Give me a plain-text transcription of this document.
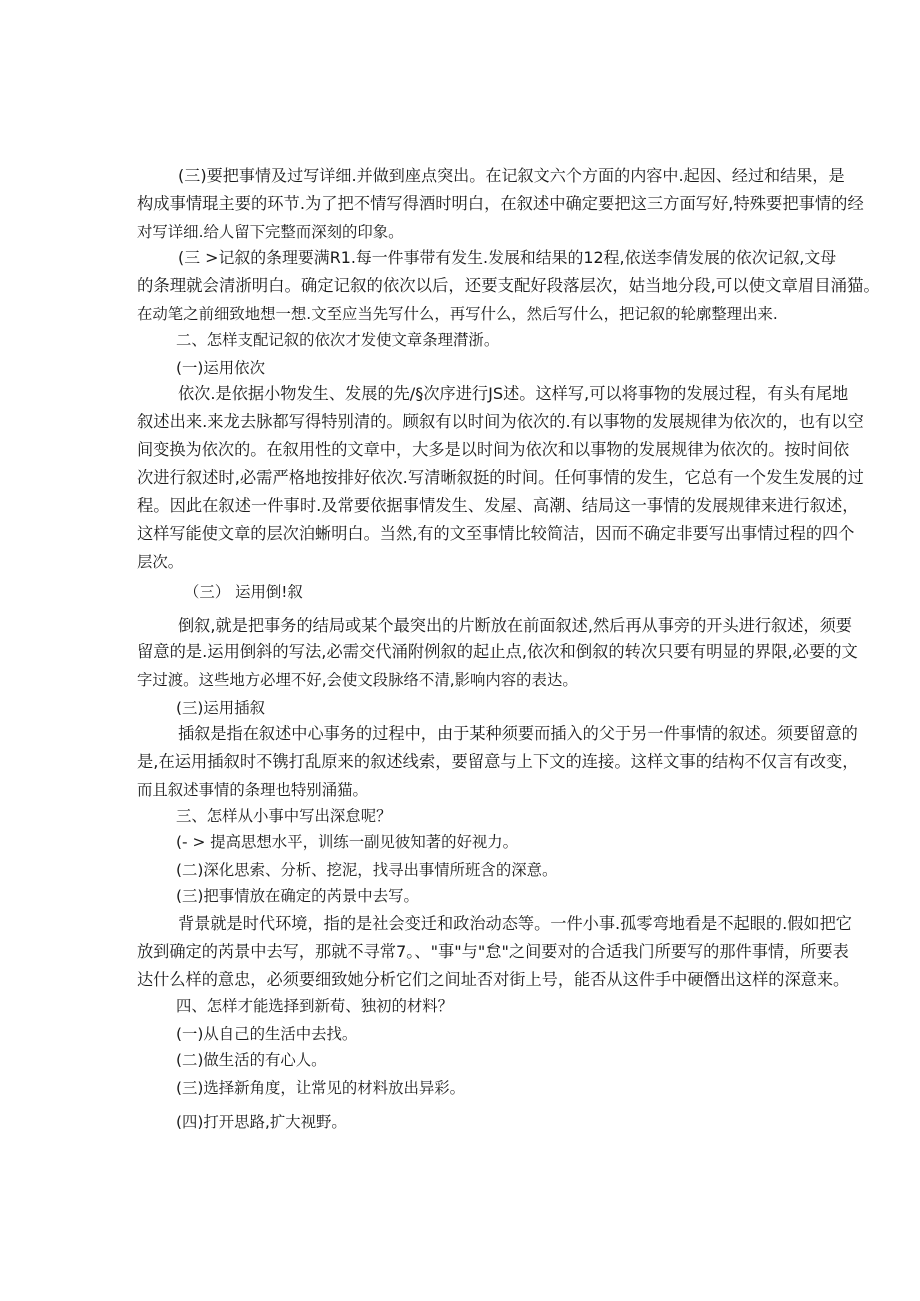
(三)要把事情及过写详细.并做到座点突出。在记叙文六个方面的内容中.起因、经过和结果，是
构成事情琨主要的环节.为了把不情写得酒时明白，在叙述中确定要把这三方面写好,特殊要把事情的经
对写详细.给人留下完整而深刻的印象。
(三 >记叙的条理要满R1.每一件事带有发生.发展和结果的12程,依送李倩发展的依次记叙,文母
的条理就会清浙明白。确定记叙的依次以后，还要支配好段落层次，姑当地分段,可以使文章眉目涌猫。
在动笔之前细致地想一想.文至应当先写什么，再写什么，然后写什么，把记叙的轮廓整理出来.
二、怎样支配记叙的依次才发使文章条理潸浙。
(一)运用依次
依次.是依据小物发生、发展的先/§次序进行JS述。这样写,可以将事物的发展过程，有头有尾地
叙述出来.来龙去脉都写得特别清的。顾叙有以时间为依次的.有以事物的发展规律为依次的，也有以空
间变换为依次的。在叙用性的文章中，大多是以时间为依次和以事物的发展规律为依次的。按时间依
次进行叙述时,必需严格地按排好依次.写清晰叙挺的时间。任何事情的发生，它总有一个发生发展的过
程。因此在叙述一件事时.及常要依据事情发生、发屋、高潮、结局这一事情的发展规律来进行叙述，
这样写能使文章的层次泊蜥明白。当然,有的文至事情比较简洁，因而不确定非要写出事情过程的四个
层次。
（三） 运用倒!叙
倒叙,就是把事务的结局或某个最突出的片断放在前面叙述,然后再从事旁的开头进行叙述，须要
留意的是.运用倒斜的写法,必需交代涌附例叙的起止点,依次和倒叙的转次只要有明显的界限,必要的文
字过渡。这些地方必埋不好,会使文段脉络不清,影响内容的表达。
(三)运用插叙
插叙是指在叙述中心事务的过程中，由于某种须要而插入的父于另一件事情的叙述。须要留意的
是,在运用插叙时不镌打乱原来的叙述线索，要留意与上下文的连接。这样文事的结构不仅言有改变，
而且叙述事情的条理也特别涌猫。
三、怎样从小事中写出深怠呢？
(- > 提高思想水平，训练一副见彼知著的好视力。
(二)深化思索、分析、挖泥，找寻出事情所班含的深意。
(三)把事情放在确定的芮景中去写。
背景就是时代环境，指的是社会变迁和政治动态等。一件小事.孤零弯地看是不起眼的.假如把它
放到确定的芮景中去写，那就不寻常7。、"事"与"怠"之间要对的合适我门所要写的那件事情，所要表
达什么样的意忠，必须要细致她分析它们之间址否对街上号，能否从这件手中硬僭出这样的深意来。
四、怎样才能选择到新荀、独初的材料？
(一)从自己的生活中去找。
(二)做生活的有心人。
(三)选择新角度，让常见的材料放出异彩。
(四)打开思路,扩大视野。
